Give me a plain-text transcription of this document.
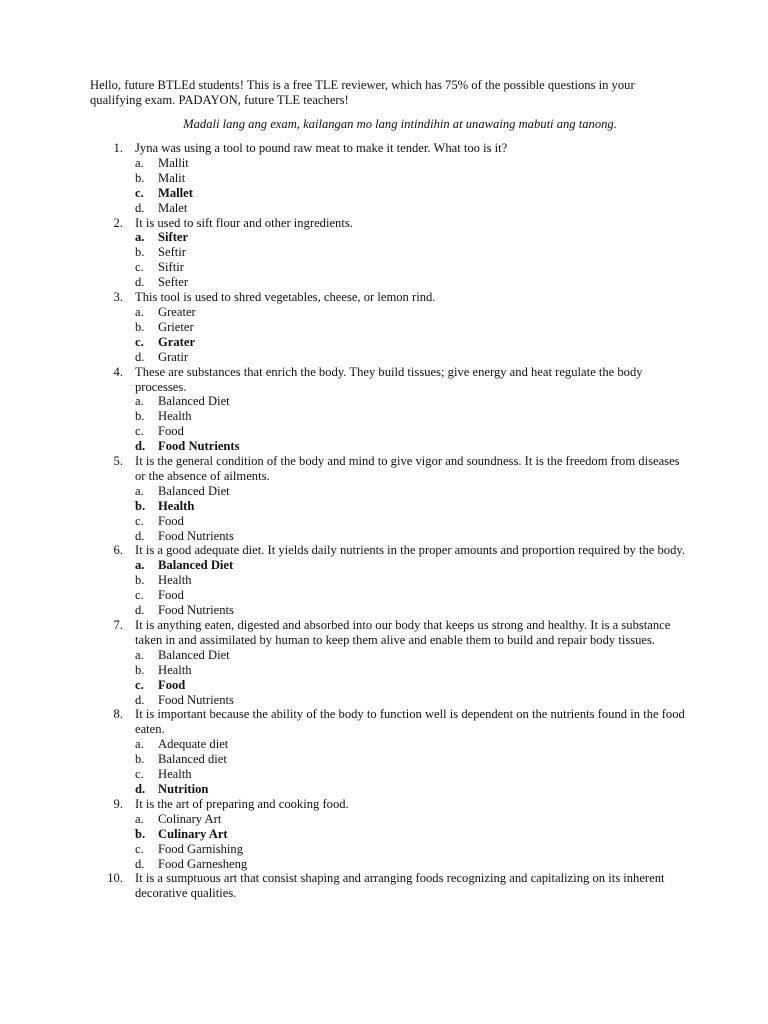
Hello, future BTLEd students! This is a free TLE reviewer, which has 75% of the possible questions in your qualifying exam. PADAYON, future TLE teachers!

Madali lang ang exam, kailangan mo lang intindihin at unawaing mabuti ang tanong.

1. Jyna was using a tool to pound raw meat to make it tender. What too is it?
a. Mallit
b. Malit
c. Mallet
d. Malet
2. It is used to sift flour and other ingredients.
a. Sifter
b. Seftir
c. Siftir
d. Sefter
3. This tool is used to shred vegetables, cheese, or lemon rind.
a. Greater
b. Grieter
c. Grater
d. Gratir
4. These are substances that enrich the body. They build tissues; give energy and heat regulate the body processes.
a. Balanced Diet
b. Health
c. Food
d. Food Nutrients
5. It is the general condition of the body and mind to give vigor and soundness. It is the freedom from diseases or the absence of ailments.
a. Balanced Diet
b. Health
c. Food
d. Food Nutrients
6. It is a good adequate diet. It yields daily nutrients in the proper amounts and proportion required by the body.
a. Balanced Diet
b. Health
c. Food
d. Food Nutrients
7. It is anything eaten, digested and absorbed into our body that keeps us strong and healthy. It is a substance taken in and assimilated by human to keep them alive and enable them to build and repair body tissues.
a. Balanced Diet
b. Health
c. Food
d. Food Nutrients
8. It is important because the ability of the body to function well is dependent on the nutrients found in the food eaten.
a. Adequate diet
b. Balanced diet
c. Health
d. Nutrition
9. It is the art of preparing and cooking food.
a. Colinary Art
b. Culinary Art
c. Food Garnishing
d. Food Garnesheng
10. It is a sumptuous art that consist shaping and arranging foods recognizing and capitalizing on its inherent decorative qualities.
